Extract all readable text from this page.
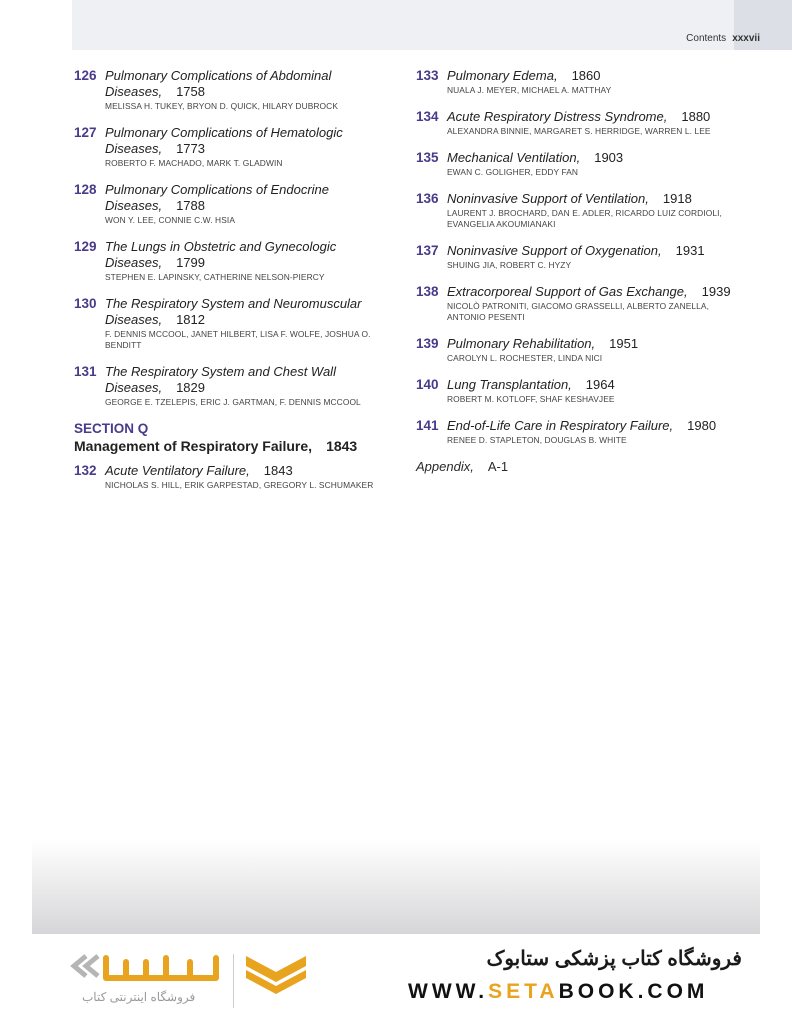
Contents xxxvii
126 Pulmonary Complications of Abdominal
Diseases, 1758
MELISSA H. TUKEY, BRYON D. QUICK, HILARY DUBROCK
127 Pulmonary Complications of Hematologic
Diseases, 1773
ROBERTO F. MACHADO, MARK T. GLADWIN
128 Pulmonary Complications of Endocrine
Diseases, 1788
WON Y. LEE, CONNIE C.W. HSIA
129 The Lungs in Obstetric and Gynecologic
Diseases, 1799
STEPHEN E. LAPINSKY, CATHERINE NELSON-PIERCY
130 The Respiratory System and Neuromuscular
Diseases, 1812
F. DENNIS MCCOOL, JANET HILBERT, LISA F. WOLFE, JOSHUA O. BENDITT
131 The Respiratory System and Chest Wall
Diseases, 1829
GEORGE E. TZELEPIS, ERIC J. GARTMAN, F. DENNIS MCCOOL
SECTION Q
Management of Respiratory Failure, 1843
132 Acute Ventilatory Failure, 1843
NICHOLAS S. HILL, ERIK GARPESTAD, GREGORY L. SCHUMAKER
133 Pulmonary Edema, 1860
NUALA J. MEYER, MICHAEL A. MATTHAY
134 Acute Respiratory Distress Syndrome, 1880
ALEXANDRA BINNIE, MARGARET S. HERRIDGE, WARREN L. LEE
135 Mechanical Ventilation, 1903
EWAN C. GOLIGHER, EDDY FAN
136 Noninvasive Support of Ventilation, 1918
LAURENT J. BROCHARD, DAN E. ADLER, RICARDO LUIZ CORDIOLI, EVANGELIA AKOUMIANAKI
137 Noninvasive Support of Oxygenation, 1931
SHUING JIA, ROBERT C. HYZY
138 Extracorporeal Support of Gas Exchange, 1939
NICOLÒ PATRONITI, GIACOMO GRASSELLI, ALBERTO ZANELLA, ANTONIO PESENTI
139 Pulmonary Rehabilitation, 1951
CAROLYN L. ROCHESTER, LINDA NICI
140 Lung Transplantation, 1964
ROBERT M. KOTLOFF, SHAF KESHAVJEE
141 End-of-Life Care in Respiratory Failure, 1980
RENEE D. STAPLETON, DOUGLAS B. WHITE
Appendix, A-1
فروشگاه اینترنتی کتاب
فروشگاه کتاب پزشکی ستابوک
WWW.SETABOOK.COM
